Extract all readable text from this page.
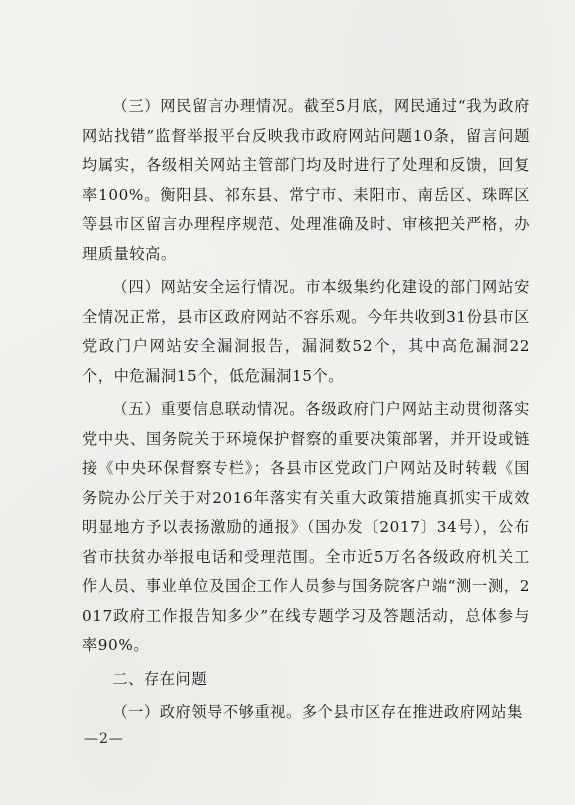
（三）网民留言办理情况。截至5月底，网民通过“我为政府网站找错”监督举报平台反映我市政府网站问题10条，留言问题均属实，各级相关网站主管部门均及时进行了处理和反馈，回复率100%。衡阳县、祁东县、常宁市、耒阳市、南岳区、珠晖区等县市区留言办理程序规范、处理准确及时、审核把关严格，办理质量较高。

（四）网站安全运行情况。市本级集约化建设的部门网站安全情况正常，县市区政府网站不容乐观。今年共收到31份县市区党政门户网站安全漏洞报告，漏洞数52个，其中高危漏洞22个，中危漏洞15个，低危漏洞15个。

（五）重要信息联动情况。各级政府门户网站主动贯彻落实党中央、国务院关于环境保护督察的重要决策部署，并开设或链接《中央环保督察专栏》；各县市区党政门户网站及时转载《国务院办公厅关于对2016年落实有关重大政策措施真抓实干成效明显地方予以表扬激励的通报》（国办发〔2017〕34号），公布省市扶贫办举报电话和受理范围。全市近5万名各级政府机关工作人员、事业单位及国企工作人员参与国务院客户端“测一测，2017政府工作报告知多少”在线专题学习及答题活动，总体参与率90%。

二、存在问题

（一）政府领导不够重视。多个县市区存在推进政府网站集

—2—
